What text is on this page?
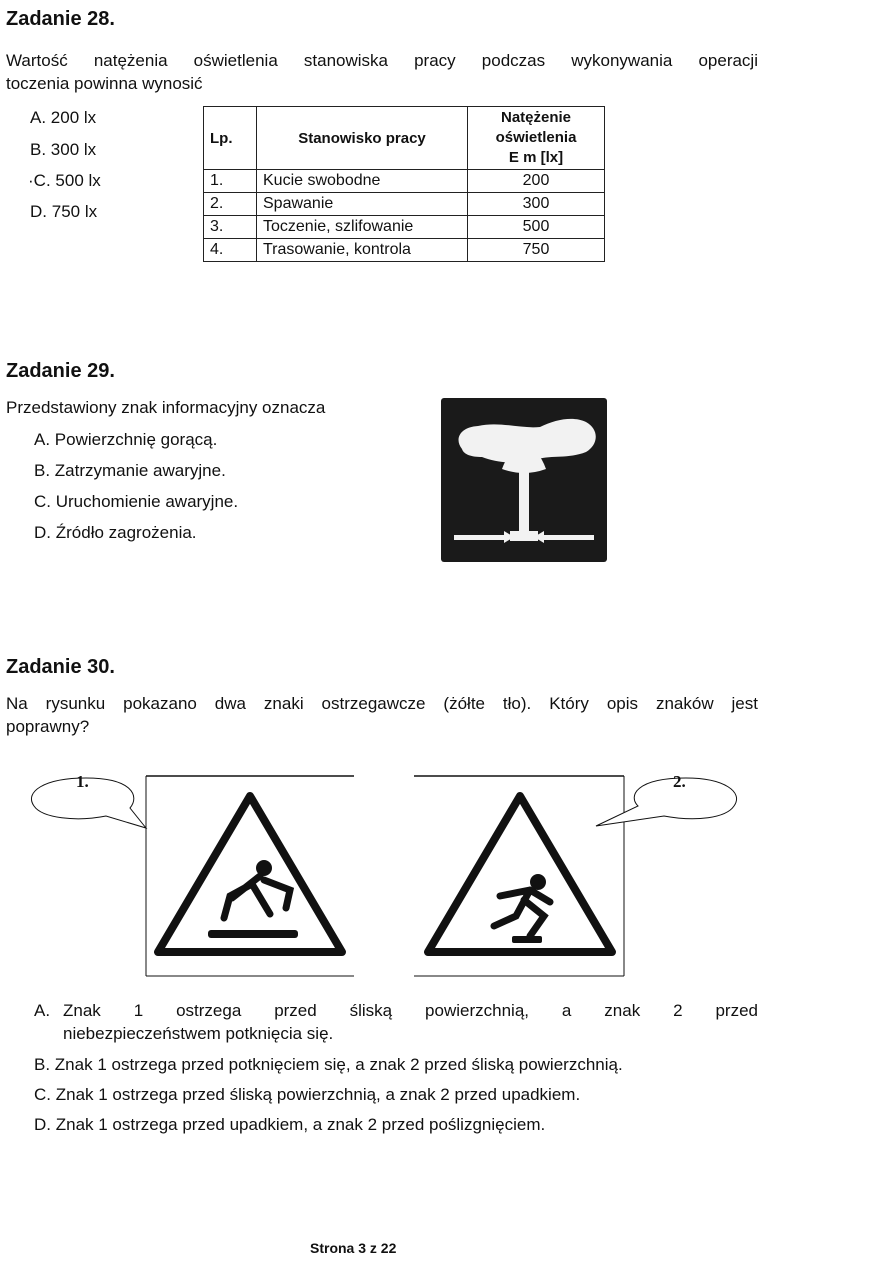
Zadanie 28.
Wartość natężenia oświetlenia stanowiska pracy podczas wykonywania operacji
toczenia powinna wynosić
A. 200 lx
B. 300 lx
·C. 500 lx
D. 750 lx
Lp.	Stanowisko pracy	Natężenie oświetlenia
E m [lx]

1.	Kucie swobodne	200
2.	Spawanie	300
3.	Toczenie, szlifowanie	500
4.	Trasowanie, kontrola	750
Zadanie 29.
Przedstawiony znak informacyjny oznacza
A. Powierzchnię gorącą.
B. Zatrzymanie awaryjne.
C. Uruchomienie awaryjne.
D. Źródło zagrożenia.
Zadanie 30.
Na rysunku pokazano dwa znaki ostrzegawcze (żółte tło). Który opis znaków jest
poprawny?
1.	2.
A. Znak 1 ostrzega przed śliską powierzchnią, a znak 2 przed
niebezpieczeństwem potknięcia się.
B. Znak 1 ostrzega przed potknięciem się, a znak 2 przed śliską powierzchnią.
C. Znak 1 ostrzega przed śliską powierzchnią, a znak 2 przed upadkiem.
D. Znak 1 ostrzega przed upadkiem, a znak 2 przed poślizgnięciem.
Strona 3 z 22
